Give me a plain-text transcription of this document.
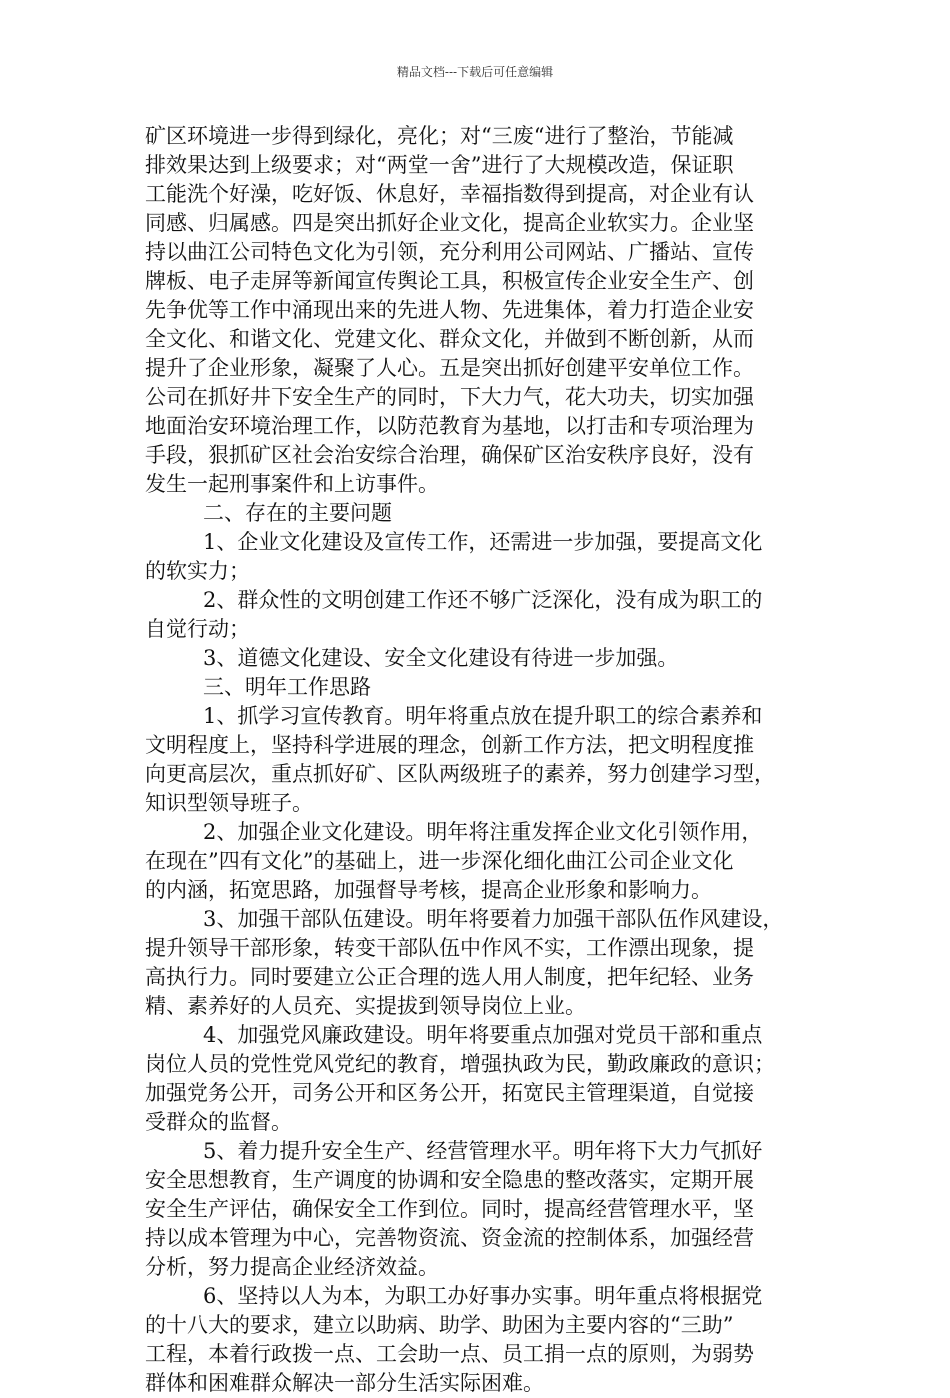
精品文档---下载后可任意编辑
矿区环境进一步得到绿化，亮化；对“三废“进行了整治，节能减
排效果达到上级要求；对“两堂一舍”进行了大规模改造，保证职
工能洗个好澡，吃好饭、休息好，幸福指数得到提高，对企业有认
同感、归属感。四是突出抓好企业文化，提高企业软实力。企业坚
持以曲江公司特色文化为引领，充分利用公司网站、广播站、宣传
牌板、电子走屏等新闻宣传舆论工具，积极宣传企业安全生产、创
先争优等工作中涌现出来的先进人物、先进集体，着力打造企业安
全文化、和谐文化、党建文化、群众文化，并做到不断创新，从而
提升了企业形象，凝聚了人心。五是突出抓好创建平安单位工作。
公司在抓好井下安全生产的同时，下大力气，花大功夫，切实加强
地面治安环境治理工作，以防范教育为基地，以打击和专项治理为
手段，狠抓矿区社会治安综合治理，确保矿区治安秩序良好，没有
发生一起刑事案件和上访事件。
二、存在的主要问题
1、企业文化建设及宣传工作，还需进一步加强，要提高文化
的软实力；
2、群众性的文明创建工作还不够广泛深化，没有成为职工的
自觉行动；
3、道德文化建设、安全文化建设有待进一步加强。
三、明年工作思路
1、抓学习宣传教育。明年将重点放在提升职工的综合素养和
文明程度上，坚持科学进展的理念，创新工作方法，把文明程度推
向更高层次，重点抓好矿、区队两级班子的素养，努力创建学习型，
知识型领导班子。
2、加强企业文化建设。明年将注重发挥企业文化引领作用，
在现在”四有文化”的基础上，进一步深化细化曲江公司企业文化
的内涵，拓宽思路，加强督导考核，提高企业形象和影响力。
3、加强干部队伍建设。明年将要着力加强干部队伍作风建设，
提升领导干部形象，转变干部队伍中作风不实，工作漂出现象，提
高执行力。同时要建立公正合理的选人用人制度，把年纪轻、业务
精、素养好的人员充、实提拔到领导岗位上业。
4、加强党风廉政建设。明年将要重点加强对党员干部和重点
岗位人员的党性党风党纪的教育，增强执政为民，勤政廉政的意识；
加强党务公开，司务公开和区务公开，拓宽民主管理渠道，自觉接
受群众的监督。
5、着力提升安全生产、经营管理水平。明年将下大力气抓好
安全思想教育，生产调度的协调和安全隐患的整改落实，定期开展
安全生产评估，确保安全工作到位。同时，提高经营管理水平，坚
持以成本管理为中心，完善物资流、资金流的控制体系，加强经营
分析，努力提高企业经济效益。
6、坚持以人为本，为职工办好事办实事。明年重点将根据党
的十八大的要求，建立以助病、助学、助困为主要内容的“三助”
工程，本着行政拨一点、工会助一点、员工捐一点的原则，为弱势
群体和困难群众解决一部分生活实际困难。
